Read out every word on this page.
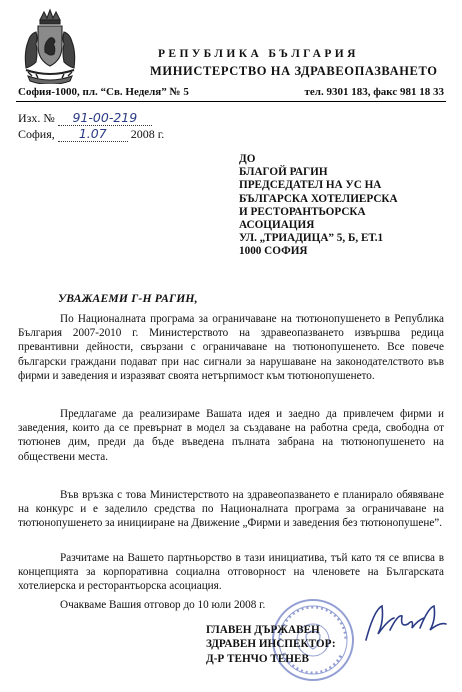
РЕПУБЛИКА БЪЛГАРИЯ
МИНИСТЕРСТВО НА ЗДРАВЕОПАЗВАНЕТО
София-1000, пл. “Св. Неделя” № 5	тел. 9301 183, факс 981 18 33
Изх. № 91-00-219
София, 1.07 2008 г.
ДО
БЛАГОЙ РАГИН
ПРЕДСЕДАТЕЛ НА УС НА
БЪЛГАРСКА ХОТЕЛИЕРСКА
И РЕСТОРАНТЬОРСКА
АСОЦИАЦИЯ
УЛ. „ТРИАДИЦА” 5, Б, ЕТ.1
1000 СОФИЯ
УВАЖАЕМИ Г-Н РАГИН,

По Националната програма за ограничаване на тютюнопушенето в Република България 2007-2010 г. Министерството на здравеопазването извършва редица превантивни дейности, свързани с ограничаване на тютюнопушенето. Все повече български граждани подават при нас сигнали за нарушаване на законодателството във фирми и заведения и изразяват своята нетърпимост към тютюнопушенето.

Предлагаме да реализираме Вашата идея и заедно да привлечем фирми и заведения, които да се превърнат в модел за създаване на работна среда, свободна от тютюнев дим, преди да бъде въведена пълната забрана на тютюнопушенето на обществени места.

Във връзка с това Министерството на здравеопазването е планирало обявяване на конкурс и е заделило средства по Националната програма за ограничаване на тютюнопушенето за иницииране на Движение „Фирми и заведения без тютюнопушене”.

Разчитаме на Вашето партньорство в тази инициатива, тъй като тя се вписва в концепцията за корпоративна социална отговорност на членовете на Българската хотелиерска и ресторантьорска асоциация.

Очакваме Вашия отговор до 10 юли 2008 г.

ГЛАВЕН ДЪРЖАВЕН
ЗДРАВЕН ИНСПЕКТОР:
Д-Р ТЕНЧО ТЕНЕВ
